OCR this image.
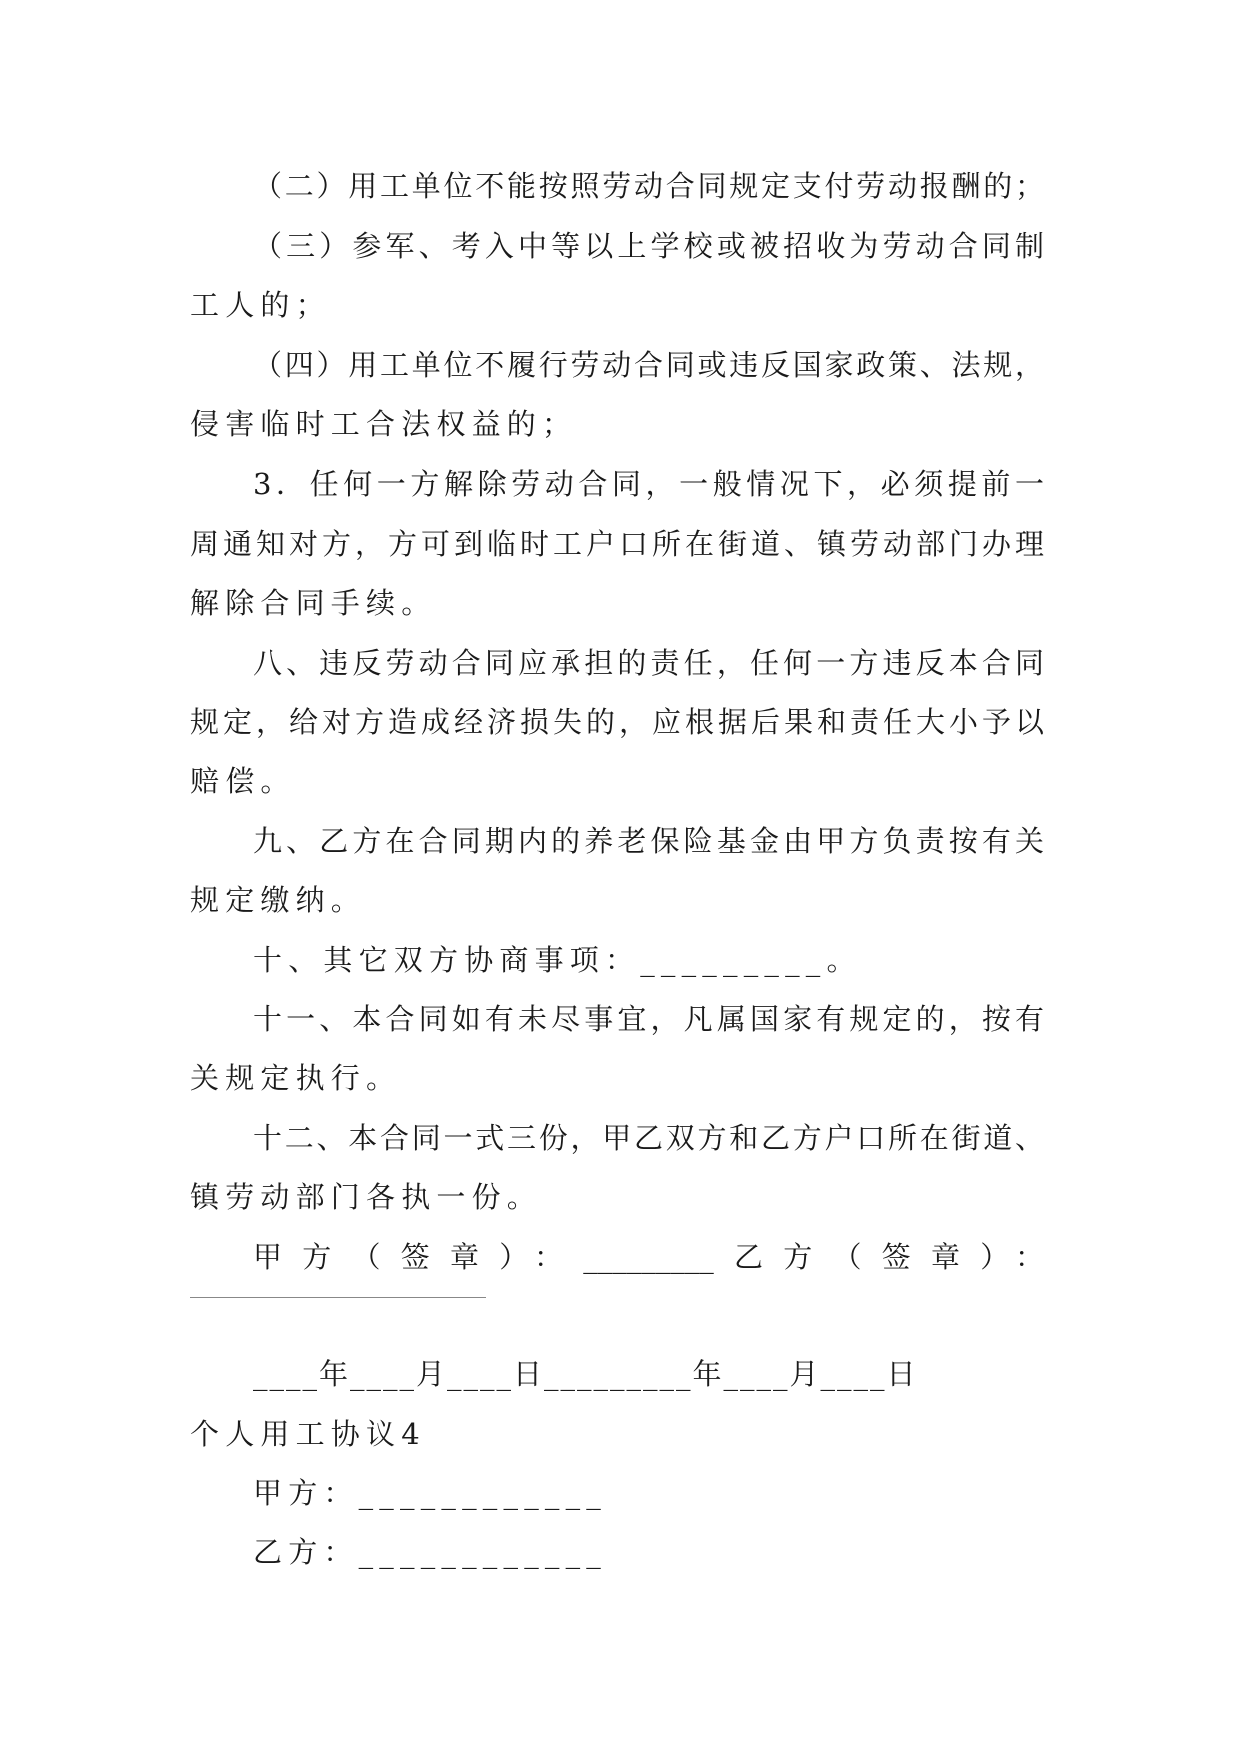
（二）用工单位不能按照劳动合同规定支付劳动报酬的；
（三）参军、考入中等以上学校或被招收为劳动合同制
工人的；
（四）用工单位不履行劳动合同或违反国家政策、法规，
侵害临时工合法权益的；
3．任何一方解除劳动合同，一般情况下，必须提前一
周通知对方，方可到临时工户口所在街道、镇劳动部门办理
解除合同手续。
八、违反劳动合同应承担的责任，任何一方违反本合同
规定，给对方造成经济损失的，应根据后果和责任大小予以
赔偿。
九、乙方在合同期内的养老保险基金由甲方负责按有关
规定缴纳。
十、其它双方协商事项：_________。
十一、本合同如有未尽事宜，凡属国家有规定的，按有
关规定执行。
十二、本合同一式三份，甲乙双方和乙方户口所在街道、
镇劳动部门各执一份。
甲方（签章）：_________乙方（签章）：
____年____月____日_________年____月____日
个人用工协议4
甲方：____________
乙方：____________
